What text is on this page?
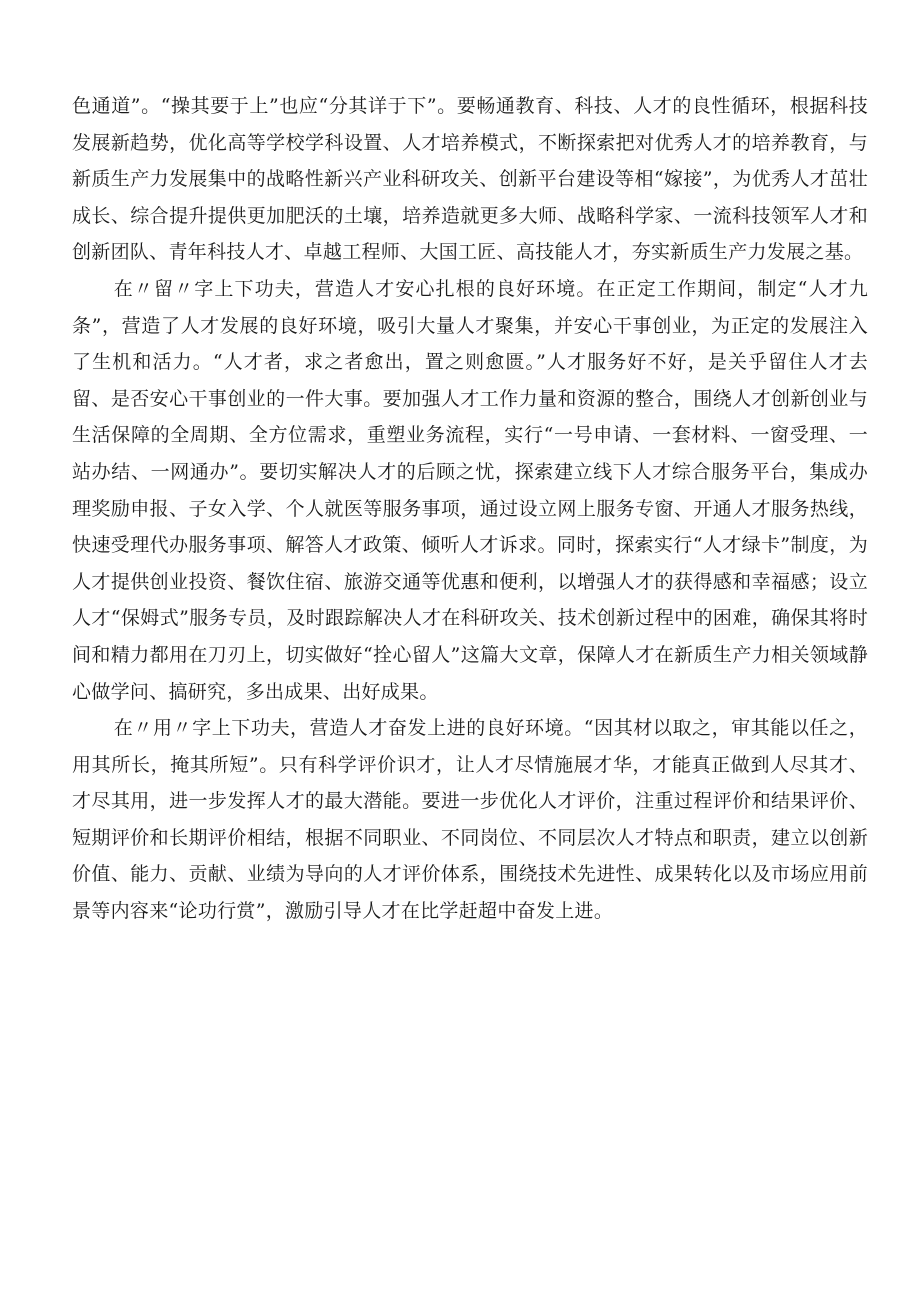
色通道”。“操其要于上”也应“分其详于下”。要畅通教育、科技、人才的良性循环，根据科技发展新趋势，优化高等学校学科设置、人才培养模式，不断探索把对优秀人才的培养教育，与新质生产力发展集中的战略性新兴产业科研攻关、创新平台建设等相“嫁接”，为优秀人才茁壮成长、综合提升提供更加肥沃的土壤，培养造就更多大师、战略科学家、一流科技领军人才和创新团队、青年科技人才、卓越工程师、大国工匠、高技能人才，夯实新质生产力发展之基。

在〃留〃字上下功夫，营造人才安心扎根的良好环境。在正定工作期间，制定“人才九条”，营造了人才发展的良好环境，吸引大量人才聚集，并安心干事创业，为正定的发展注入了生机和活力。“人才者，求之者愈出，置之则愈匮。”人才服务好不好，是关乎留住人才去留、是否安心干事创业的一件大事。要加强人才工作力量和资源的整合，围绕人才创新创业与生活保障的全周期、全方位需求，重塑业务流程，实行“一号申请、一套材料、一窗受理、一站办结、一网通办”。要切实解决人才的后顾之忧，探索建立线下人才综合服务平台，集成办理奖励申报、子女入学、个人就医等服务事项，通过设立网上服务专窗、开通人才服务热线，快速受理代办服务事项、解答人才政策、倾听人才诉求。同时，探索实行“人才绿卡”制度，为人才提供创业投资、餐饮住宿、旅游交通等优惠和便利，以增强人才的获得感和幸福感；设立人才“保姆式”服务专员，及时跟踪解决人才在科研攻关、技术创新过程中的困难，确保其将时间和精力都用在刀刃上，切实做好“拴心留人”这篇大文章，保障人才在新质生产力相关领域静心做学问、搞研究，多出成果、出好成果。

在〃用〃字上下功夫，营造人才奋发上进的良好环境。“因其材以取之，审其能以任之，用其所长，掩其所短”。只有科学评价识才，让人才尽情施展才华，才能真正做到人尽其才、才尽其用，进一步发挥人才的最大潜能。要进一步优化人才评价，注重过程评价和结果评价、短期评价和长期评价相结，根据不同职业、不同岗位、不同层次人才特点和职责，建立以创新价值、能力、贡献、业绩为导向的人才评价体系，围绕技术先进性、成果转化以及市场应用前景等内容来“论功行赏”，激励引导人才在比学赶超中奋发上进。
